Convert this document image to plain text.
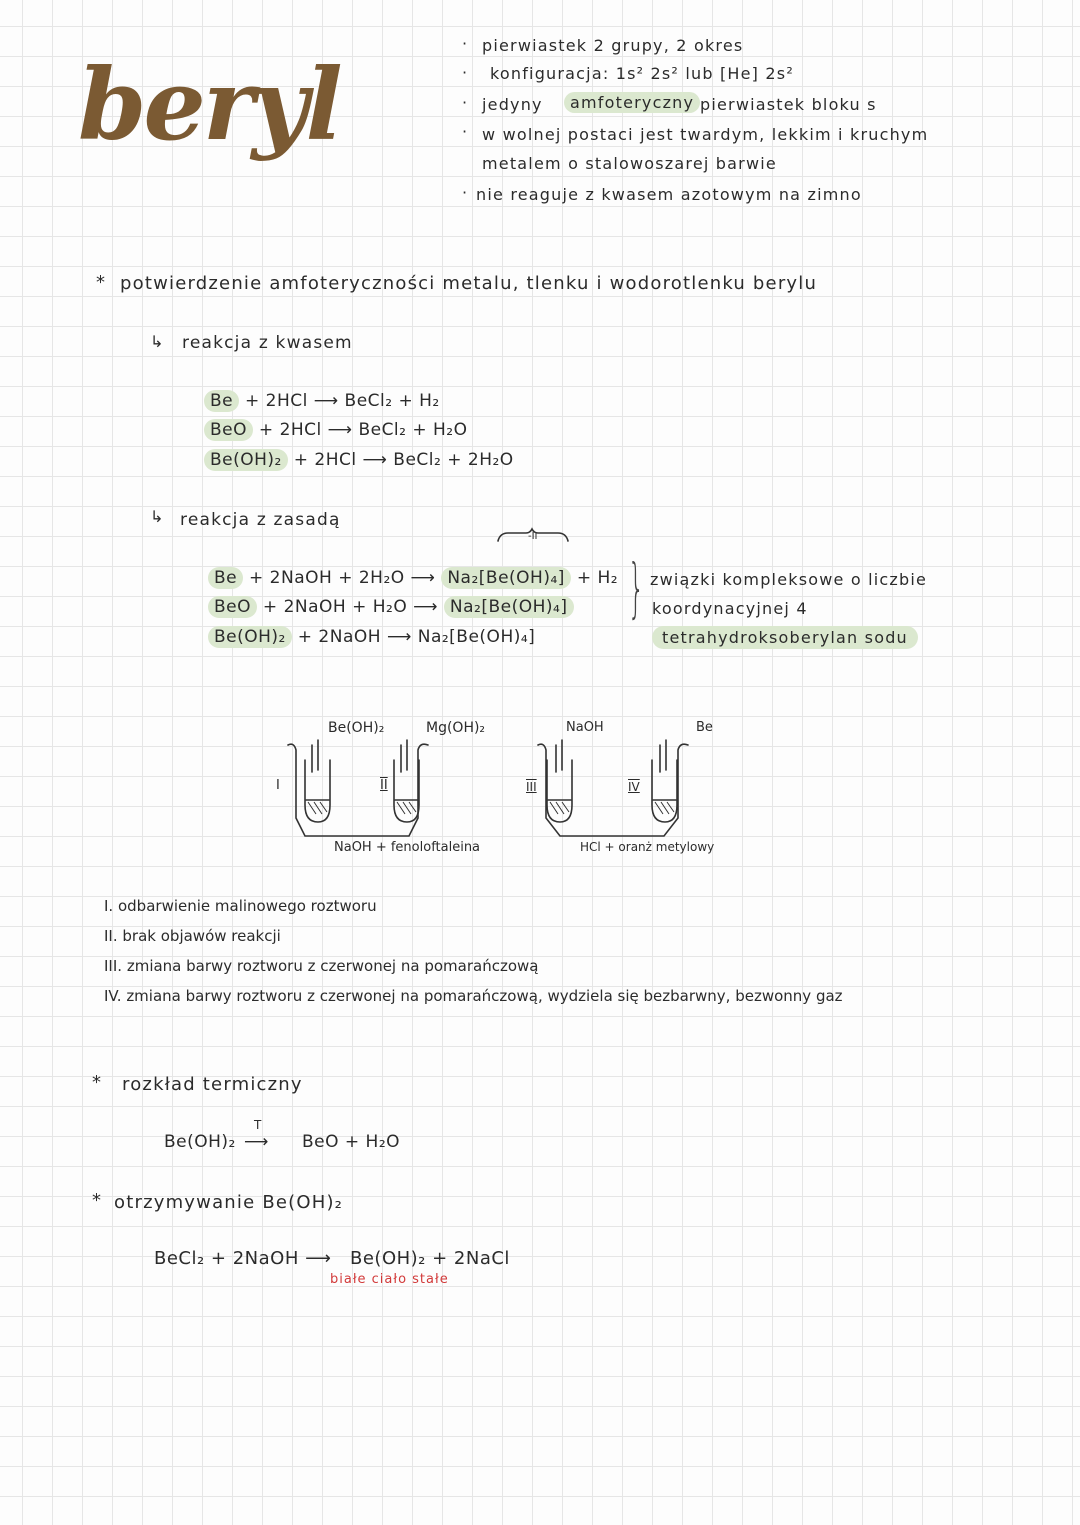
beryl
· pierwiastek 2 grupy, 2 okres
· konfiguracja: 1s² 2s² lub [He] 2s²
· jedyny	amfoteryczny pierwiastek bloku s
· w wolnej postaci jest twardym, lekkim i kruchym
metalem o stalowoszarej barwie
· nie reaguje z kwasem azotowym na zimno
* potwierdzenie amfoteryczności metalu, tlenku i wodorotlenku berylu
↳ reakcja z kwasem
Be + 2HCl ⟶ BeCl₂ + H₂
BeO + 2HCl ⟶ BeCl₂ + H₂O
Be(OH)₂ + 2HCl ⟶ BeCl₂ + 2H₂O
↳ reakcja z zasadą
-II
Be + 2NaOH + 2H₂O ⟶ Na₂[Be(OH)₄] + H₂
BeO + 2NaOH + H₂O ⟶ Na₂[Be(OH)₄]
Be(OH)₂ + 2NaOH ⟶ Na₂[Be(OH)₄]
} związki kompleksowe o liczbie
koordynacyjnej 4
tetrahydroksoberylan sodu
Be(OH)₂	Mg(OH)₂
I	II
NaOH + fenoloftaleina
NaOH	Be
III	IV
HCl + oranż metylowy
I. odbarwienie malinowego roztworu
II. brak objawów reakcji
III. zmiana barwy roztworu z czerwonej na pomarańczową
IV. zmiana barwy roztworu z czerwonej na pomarańczową, wydziela się bezbarwny, bezwonny gaz
* rozkład termiczny
Be(OH)₂
T
⟶ BeO + H₂O
* otrzymywanie Be(OH)₂
BeCl₂ + 2NaOH ⟶ Be(OH)₂ + 2NaCl
białe ciało stałe
